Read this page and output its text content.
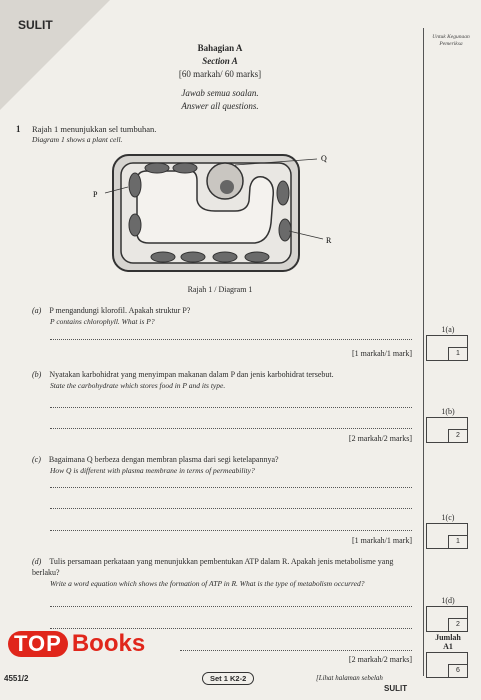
SULIT
Untuk Kegunaan Pemeriksa
Bahagian A
Section A
[60 markah/ 60 marks]
Jawab semua soalan.
Answer all questions.
1 Rajah 1 menunjukkan sel tumbuhan.
Diagram 1 shows a plant cell.
P
Q
R
Rajah 1 / Diagram 1
(a) P mengandungi klorofil. Apakah struktur P?
P contains chlorophyll. What is P?
[1 markah/1 mark]
1(a)
1
(b) Nyatakan karbohidrat yang menyimpan makanan dalam P dan jenis karbohidrat tersebut.
State the carbohydrate which stores food in P and its type.
[2 markah/2 marks]
1(b)
2
(c) Bagaimana Q berbeza dengan membran plasma dari segi ketelapannya?
How Q is different with plasma membrane in terms of permeability?
[1 markah/1 mark]
1(c)
1
(d) Tulis persamaan perkataan yang menunjukkan pembentukan ATP dalam R. Apakah jenis metabolisme yang berlaku?
Write a word equation which shows the formation of ATP in R. What is the type of metabolism occurred?
[2 markah/2 marks]
1(d)
2
Jumlah
A1
6
TOP Books
4551/2	Set 1 K2-2	[Lihat halaman sebelah
SULIT
